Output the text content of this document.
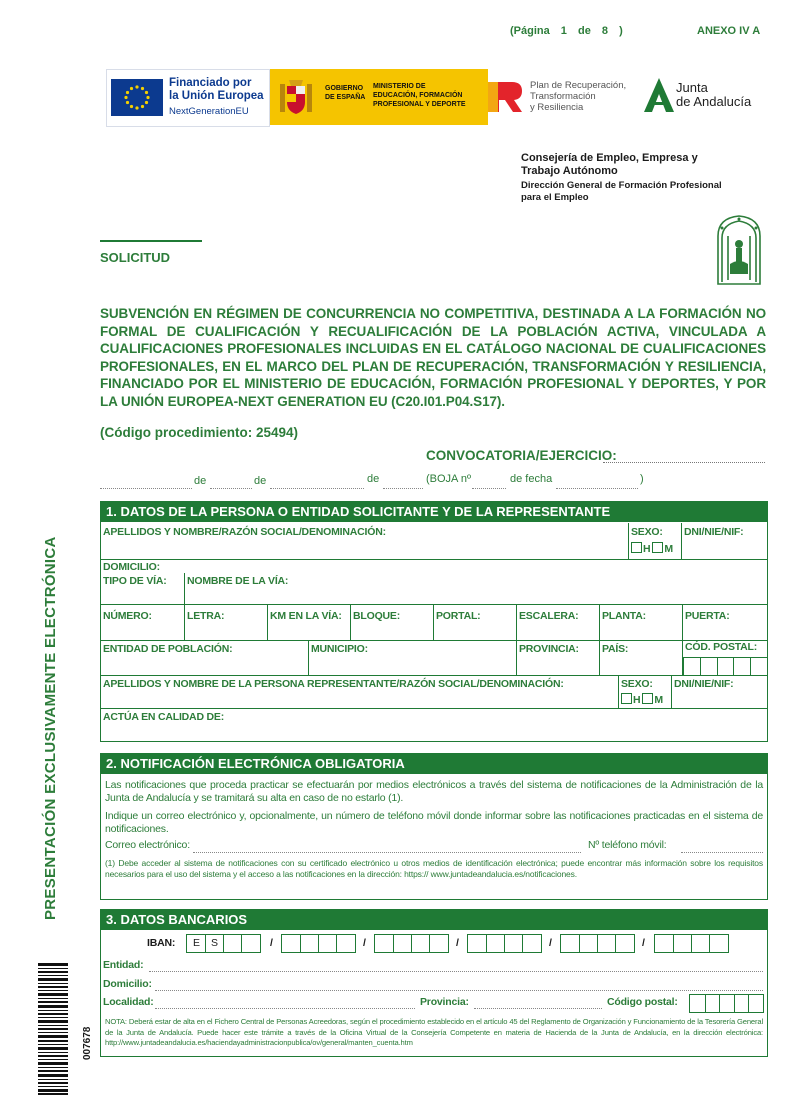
(Página 1 de 8 )	ANEXO IV A
Financiado por
la Unión Europea
NextGenerationEU
GOBIERNO
DE ESPAÑA
MINISTERIO DE
EDUCACIÓN, FORMACIÓN
PROFESIONAL Y DEPORTE
Plan de Recuperación,
Transformación
y Resiliencia
Junta
de Andalucía
Consejería de Empleo, Empresa y
Trabajo Autónomo
Dirección General de Formación Profesional
para el Empleo
SOLICITUD
SUBVENCIÓN EN RÉGIMEN DE CONCURRENCIA NO COMPETITIVA, DESTINADA A LA FORMACIÓN NO FORMAL DE CUALIFICACIÓN Y RECUALIFICACIÓN DE LA POBLACIÓN ACTIVA, VINCULADA A CUALIFICACIONES PROFESIONALES INCLUIDAS EN EL CATÁLOGO NACIONAL DE CUALIFICACIONES PROFESIONALES, EN EL MARCO DEL PLAN DE RECUPERACIÓN, TRANSFORMACIÓN Y RESILIENCIA, FINANCIADO POR EL MINISTERIO DE EDUCACIÓN, FORMACIÓN PROFESIONAL Y DEPORTES, Y POR LA UNIÓN EUROPEA-NEXT GENERATION EU (C20.I01.P04.S17).
(Código procedimiento: 25494)
CONVOCATORIA/EJERCICIO:
de	de	de	(BOJA nº	de fecha	)
1. DATOS DE LA PERSONA O ENTIDAD SOLICITANTE Y DE LA REPRESENTANTE
APELLIDOS Y NOMBRE/RAZÓN SOCIAL/DENOMINACIÓN:	SEXO:
H M
DNI/NIE/NIF:
DOMICILIO:
TIPO DE VÍA: NOMBRE DE LA VÍA:
NÚMERO:	LETRA:	KM EN LA VÍA: BLOQUE:	PORTAL:	ESCALERA: PLANTA:	PUERTA:
ENTIDAD DE POBLACIÓN:	MUNICIPIO:	PROVINCIA: PAÍS:	CÓD. POSTAL:
APELLIDOS Y NOMBRE DE LA PERSONA REPRESENTANTE/RAZÓN SOCIAL/DENOMINACIÓN:	SEXO:
H M
DNI/NIE/NIF:
ACTÚA EN CALIDAD DE:
2. NOTIFICACIÓN ELECTRÓNICA OBLIGATORIA
Las notificaciones que proceda practicar se efectuarán por medios electrónicos a través del sistema de notificaciones de la Administración de la Junta de Andalucía y se tramitará su alta en caso de no estarlo (1).
Indique un correo electrónico y, opcionalmente, un número de teléfono móvil donde informar sobre las notificaciones practicadas en el sistema de notificaciones.
Correo electrónico:	Nº teléfono móvil:
(1) Debe acceder al sistema de notificaciones con su certificado electrónico u otros medios de identificación electrónica; puede encontrar más información sobre los requisitos necesarios para el uso del sistema y el acceso a las notificaciones en la dirección: https:// www.juntadeandalucia.es/notificaciones.
3. DATOS BANCARIOS
IBAN: E S	/	/	/	/	/
Entidad:
Domicilio:
Localidad:	Provincia:	Código postal:
NOTA: Deberá estar de alta en el Fichero Central de Personas Acreedoras, según el procedimiento establecido en el artículo 45 del Reglamento de Organización y Funcionamiento de la Tesorería General de la Junta de Andalucía. Puede hacer este trámite a través de la Oficina Virtual de la Consejería Competente en materia de Hacienda de la Junta de Andalucía, en la dirección electrónica: http://www.juntadeandalucia.es/haciendayadministracionpublica/ov/general/manten_cuenta.htm
PRESENTACIÓN EXCLUSIVAMENTE ELECTRÓNICA
007678
